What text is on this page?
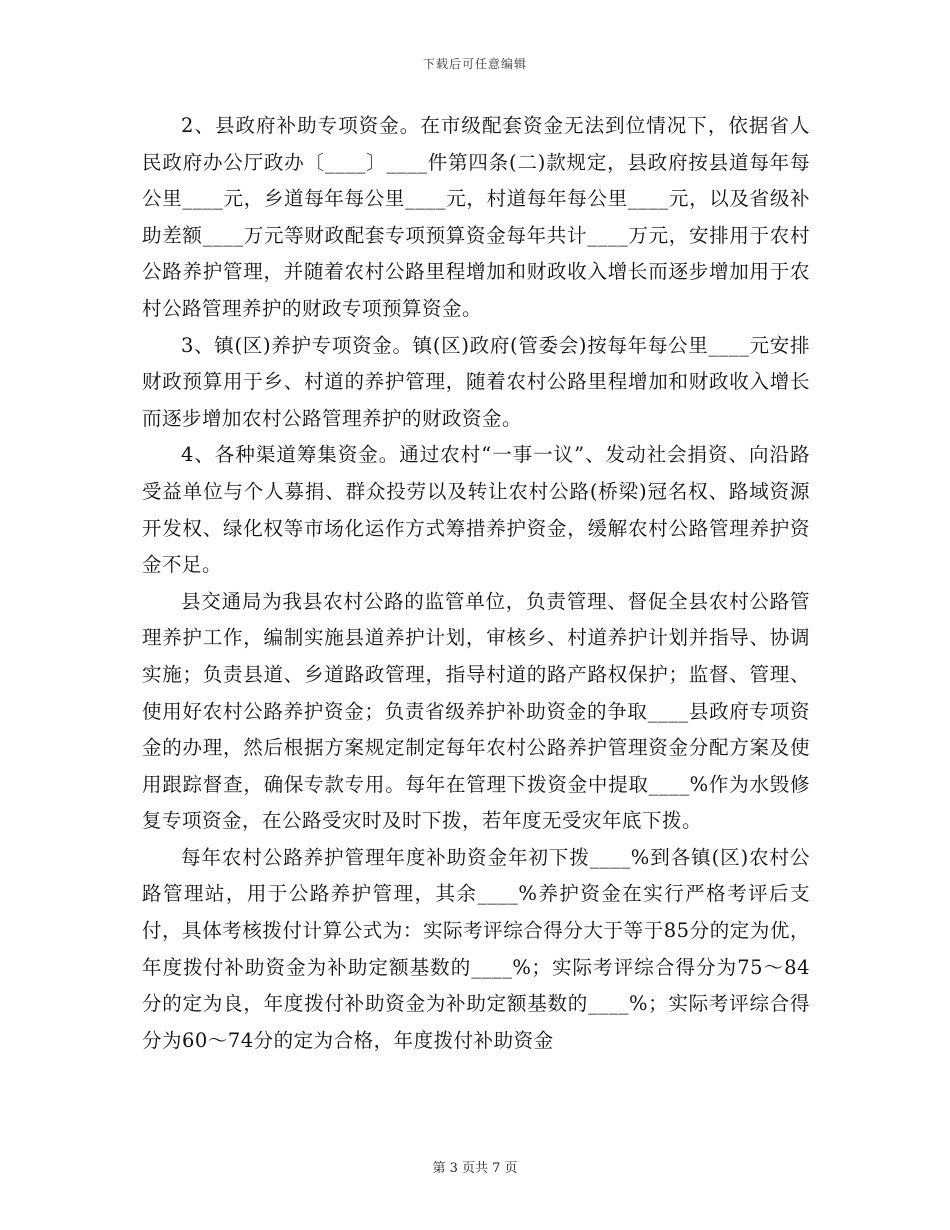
下载后可任意编辑

2、县政府补助专项资金。在市级配套资金无法到位情况下，依据省人民政府办公厅政办〔____〕____件第四条(二)款规定，县政府按县道每年每公里____元，乡道每年每公里____元，村道每年每公里____元，以及省级补助差额____万元等财政配套专项预算资金每年共计____万元，安排用于农村公路养护管理，并随着农村公路里程增加和财政收入增长而逐步增加用于农村公路管理养护的财政专项预算资金。

3、镇(区)养护专项资金。镇(区)政府(管委会)按每年每公里____元安排财政预算用于乡、村道的养护管理，随着农村公路里程增加和财政收入增长而逐步增加农村公路管理养护的财政资金。

4、各种渠道筹集资金。通过农村“一事一议”、发动社会捐资、向沿路受益单位与个人募捐、群众投劳以及转让农村公路(桥梁)冠名权、路域资源开发权、绿化权等市场化运作方式筹措养护资金，缓解农村公路管理养护资金不足。

县交通局为我县农村公路的监管单位，负责管理、督促全县农村公路管理养护工作，编制实施县道养护计划，审核乡、村道养护计划并指导、协调实施；负责县道、乡道路政管理，指导村道的路产路权保护；监督、管理、使用好农村公路养护资金；负责省级养护补助资金的争取____县政府专项资金的办理，然后根据方案规定制定每年农村公路养护管理资金分配方案及使用跟踪督查，确保专款专用。每年在管理下拨资金中提取____%作为水毁修复专项资金，在公路受灾时及时下拨，若年度无受灾年底下拨。

每年农村公路养护管理年度补助资金年初下拨____%到各镇(区)农村公路管理站，用于公路养护管理，其余____%养护资金在实行严格考评后支付，具体考核拨付计算公式为：实际考评综合得分大于等于85分的定为优，年度拨付补助资金为补助定额基数的____%；实际考评综合得分为75～84分的定为良，年度拨付补助资金为补助定额基数的____%；实际考评综合得分为60～74分的定为合格，年度拨付补助资金

第 3 页共 7 页
